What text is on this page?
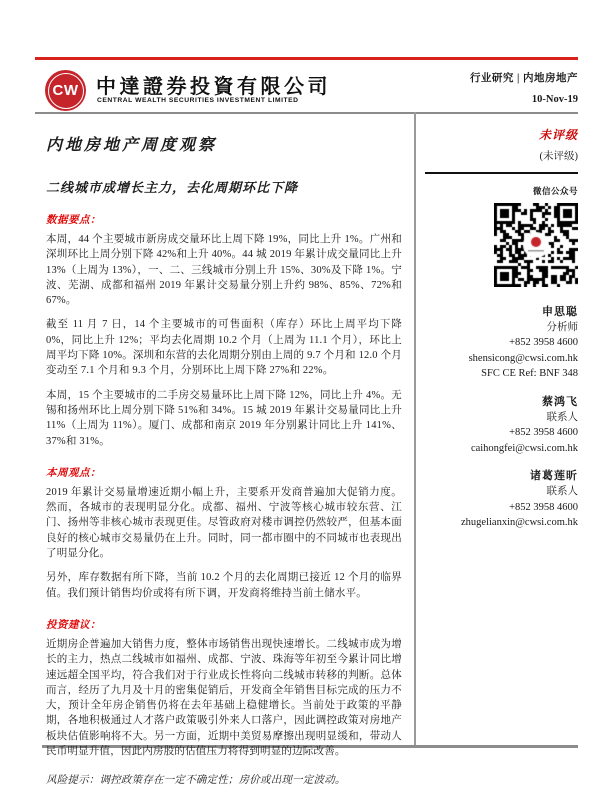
CW 中達證券投資有限公司
CENTRAL WEALTH SECURITIES INVESTMENT LIMITED
行业研究 | 内地房地产
10-Nov-19
内地房地产周度观察
二线城市成增长主力，去化周期环比下降
数据要点：

本周，44 个主要城市新房成交量环比上周下降 19%，同比上升 1%。广州和深圳环比上周分别下降 42%和上升 40%。44 城 2019 年累计成交量同比上升 13%（上周为 13%），一、二、三线城市分别上升 15%、30%及下降 1%。宁波、芜湖、成都和福州 2019 年累计交易量分别上升约 98%、85%、72%和 67%。

截至 11 月 7 日，14 个主要城市的可售面积（库存）环比上周平均下降 0%，同比上升 12%；平均去化周期 10.2 个月（上周为 11.1 个月），环比上周平均下降 10%。深圳和东营的去化周期分别由上周的 9.7 个月和 12.0 个月变动至 7.1 个月和 9.3 个月，分别环比上周下降 27%和 22%。

本周，15 个主要城市的二手房交易量环比上周下降 12%，同比上升 4%。无锡和扬州环比上周分别下降 51%和 34%。15 城 2019 年累计交易量同比上升 11%（上周为 11%）。厦门、成都和南京 2019 年分别累计同比上升 141%、37%和 31%。

本周观点：

2019 年累计交易量增速近期小幅上升，主要系开发商普遍加大促销力度。然而，各城市的表现明显分化。成都、福州、宁波等核心城市较东营、江门、扬州等非核心城市表现更佳。尽管政府对楼市调控仍然较严，但基本面良好的核心城市交易量仍在上升。同时，同一都市圈中的不同城市也表现出了明显分化。

另外，库存数据有所下降，当前 10.2 个月的去化周期已接近 12 个月的临界值。我们预计销售均价或将有所下调，开发商将维持当前土储水平。

投资建议：

近期房企普遍加大销售力度，整体市场销售出现快速增长。二线城市成为增长的主力，热点二线城市如福州、成都、宁波、珠海等年初至今累计同比增速远超全国平均，符合我们对于行业成长性将向二线城市转移的判断。总体而言，经历了九月及十月的密集促销后，开发商全年销售目标完成的压力不大，预计全年房企销售仍将在去年基础上稳健增长。当前处于政策的平静期，各地积极通过人才落户政策吸引外来人口落户，因此调控政策对房地产板块估值影响将不大。另一方面，近期中美贸易摩擦出现明显缓和，带动人民币明显升值，因此内房股的估值压力将得到明显的边际改善。

风险提示：调控政策存在一定不确定性；房价或出现一定波动。

未评级
(未评级)
微信公众号
申思聪
分析师
+852 3958 4600
shensicong@cwsi.com.hk
SFC CE Ref: BNF 348
蔡鸿飞
联系人
+852 3958 4600
caihongfei@cwsi.com.hk
诸葛莲昕
联系人
+852 3958 4600
zhugelianxin@cwsi.com.hk
